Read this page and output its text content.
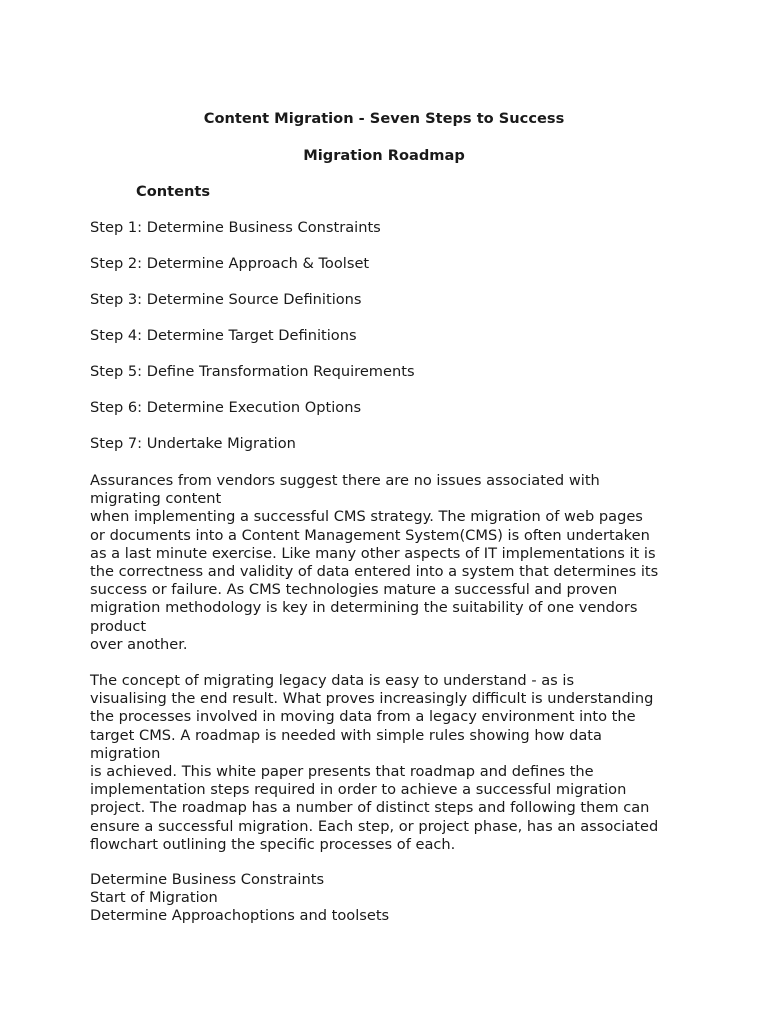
Content Migration - Seven Steps to Success
Migration Roadmap
Contents
Step 1: Determine Business Constraints
Step 2: Determine Approach & Toolset
Step 3: Determine Source Definitions
Step 4: Determine Target Definitions
Step 5: Define Transformation Requirements
Step 6: Determine Execution Options
Step 7: Undertake Migration

Assurances from vendors suggest there are no issues associated with
migrating content
when implementing a successful CMS strategy. The migration of web pages
or documents into a Content Management System(CMS) is often undertaken
as a last minute exercise. Like many other aspects of IT implementations it is
the correctness and validity of data entered into a system that determines its
success or failure. As CMS technologies mature a successful and proven
migration methodology is key in determining the suitability of one vendors
product
over another.

The concept of migrating legacy data is easy to understand - as is
visualising the end result. What proves increasingly difficult is understanding
the processes involved in moving data from a legacy environment into the
target CMS. A roadmap is needed with simple rules showing how data
migration
is achieved. This white paper presents that roadmap and defines the
implementation steps required in order to achieve a successful migration
project. The roadmap has a number of distinct steps and following them can
ensure a successful migration. Each step, or project phase, has an associated
flowchart outlining the specific processes of each.

Determine Business Constraints
Start of Migration
Determine Approachoptions and toolsets
